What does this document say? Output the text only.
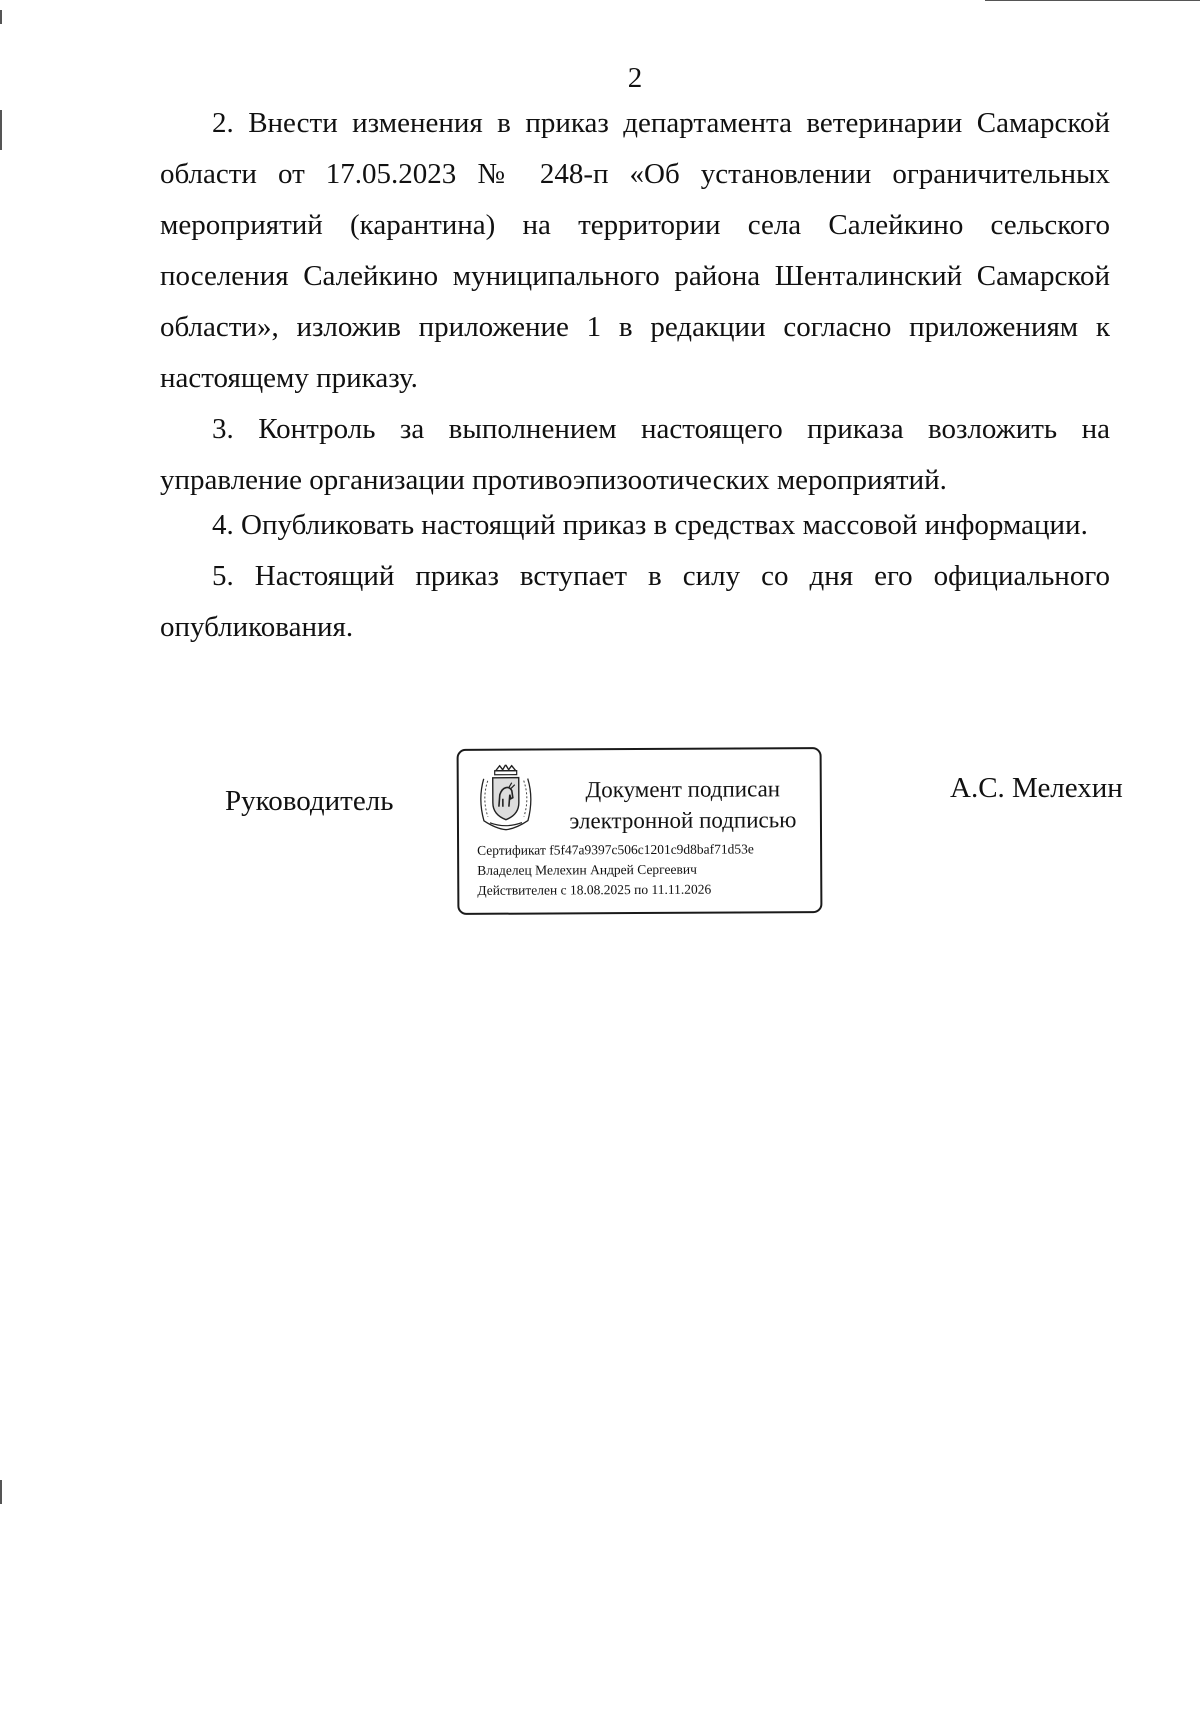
2

2. Внести изменения в приказ департамента ветеринарии Самарской области от 17.05.2023 № 248-п «Об установлении ограничительных мероприятий (карантина) на территории села Салейкино сельского поселения Салейкино муниципального района Шенталинский Самарской области», изложив приложение 1 в редакции согласно приложениям к настоящему приказу.

3. Контроль за выполнением настоящего приказа возложить на управление организации противоэпизоотических мероприятий.

4. Опубликовать настоящий приказ в средствах массовой информации.

5. Настоящий приказ вступает в силу со дня его официального опубликования.

Руководитель	Документ подписан электронной подписью
Сертификат f5f47a9397c506c1201c9d8baf71d53e
Владелец Мелехин Андрей Сергеевич
Действителен с 18.08.2025 по 11.11.2026
А.С. Мелехин
